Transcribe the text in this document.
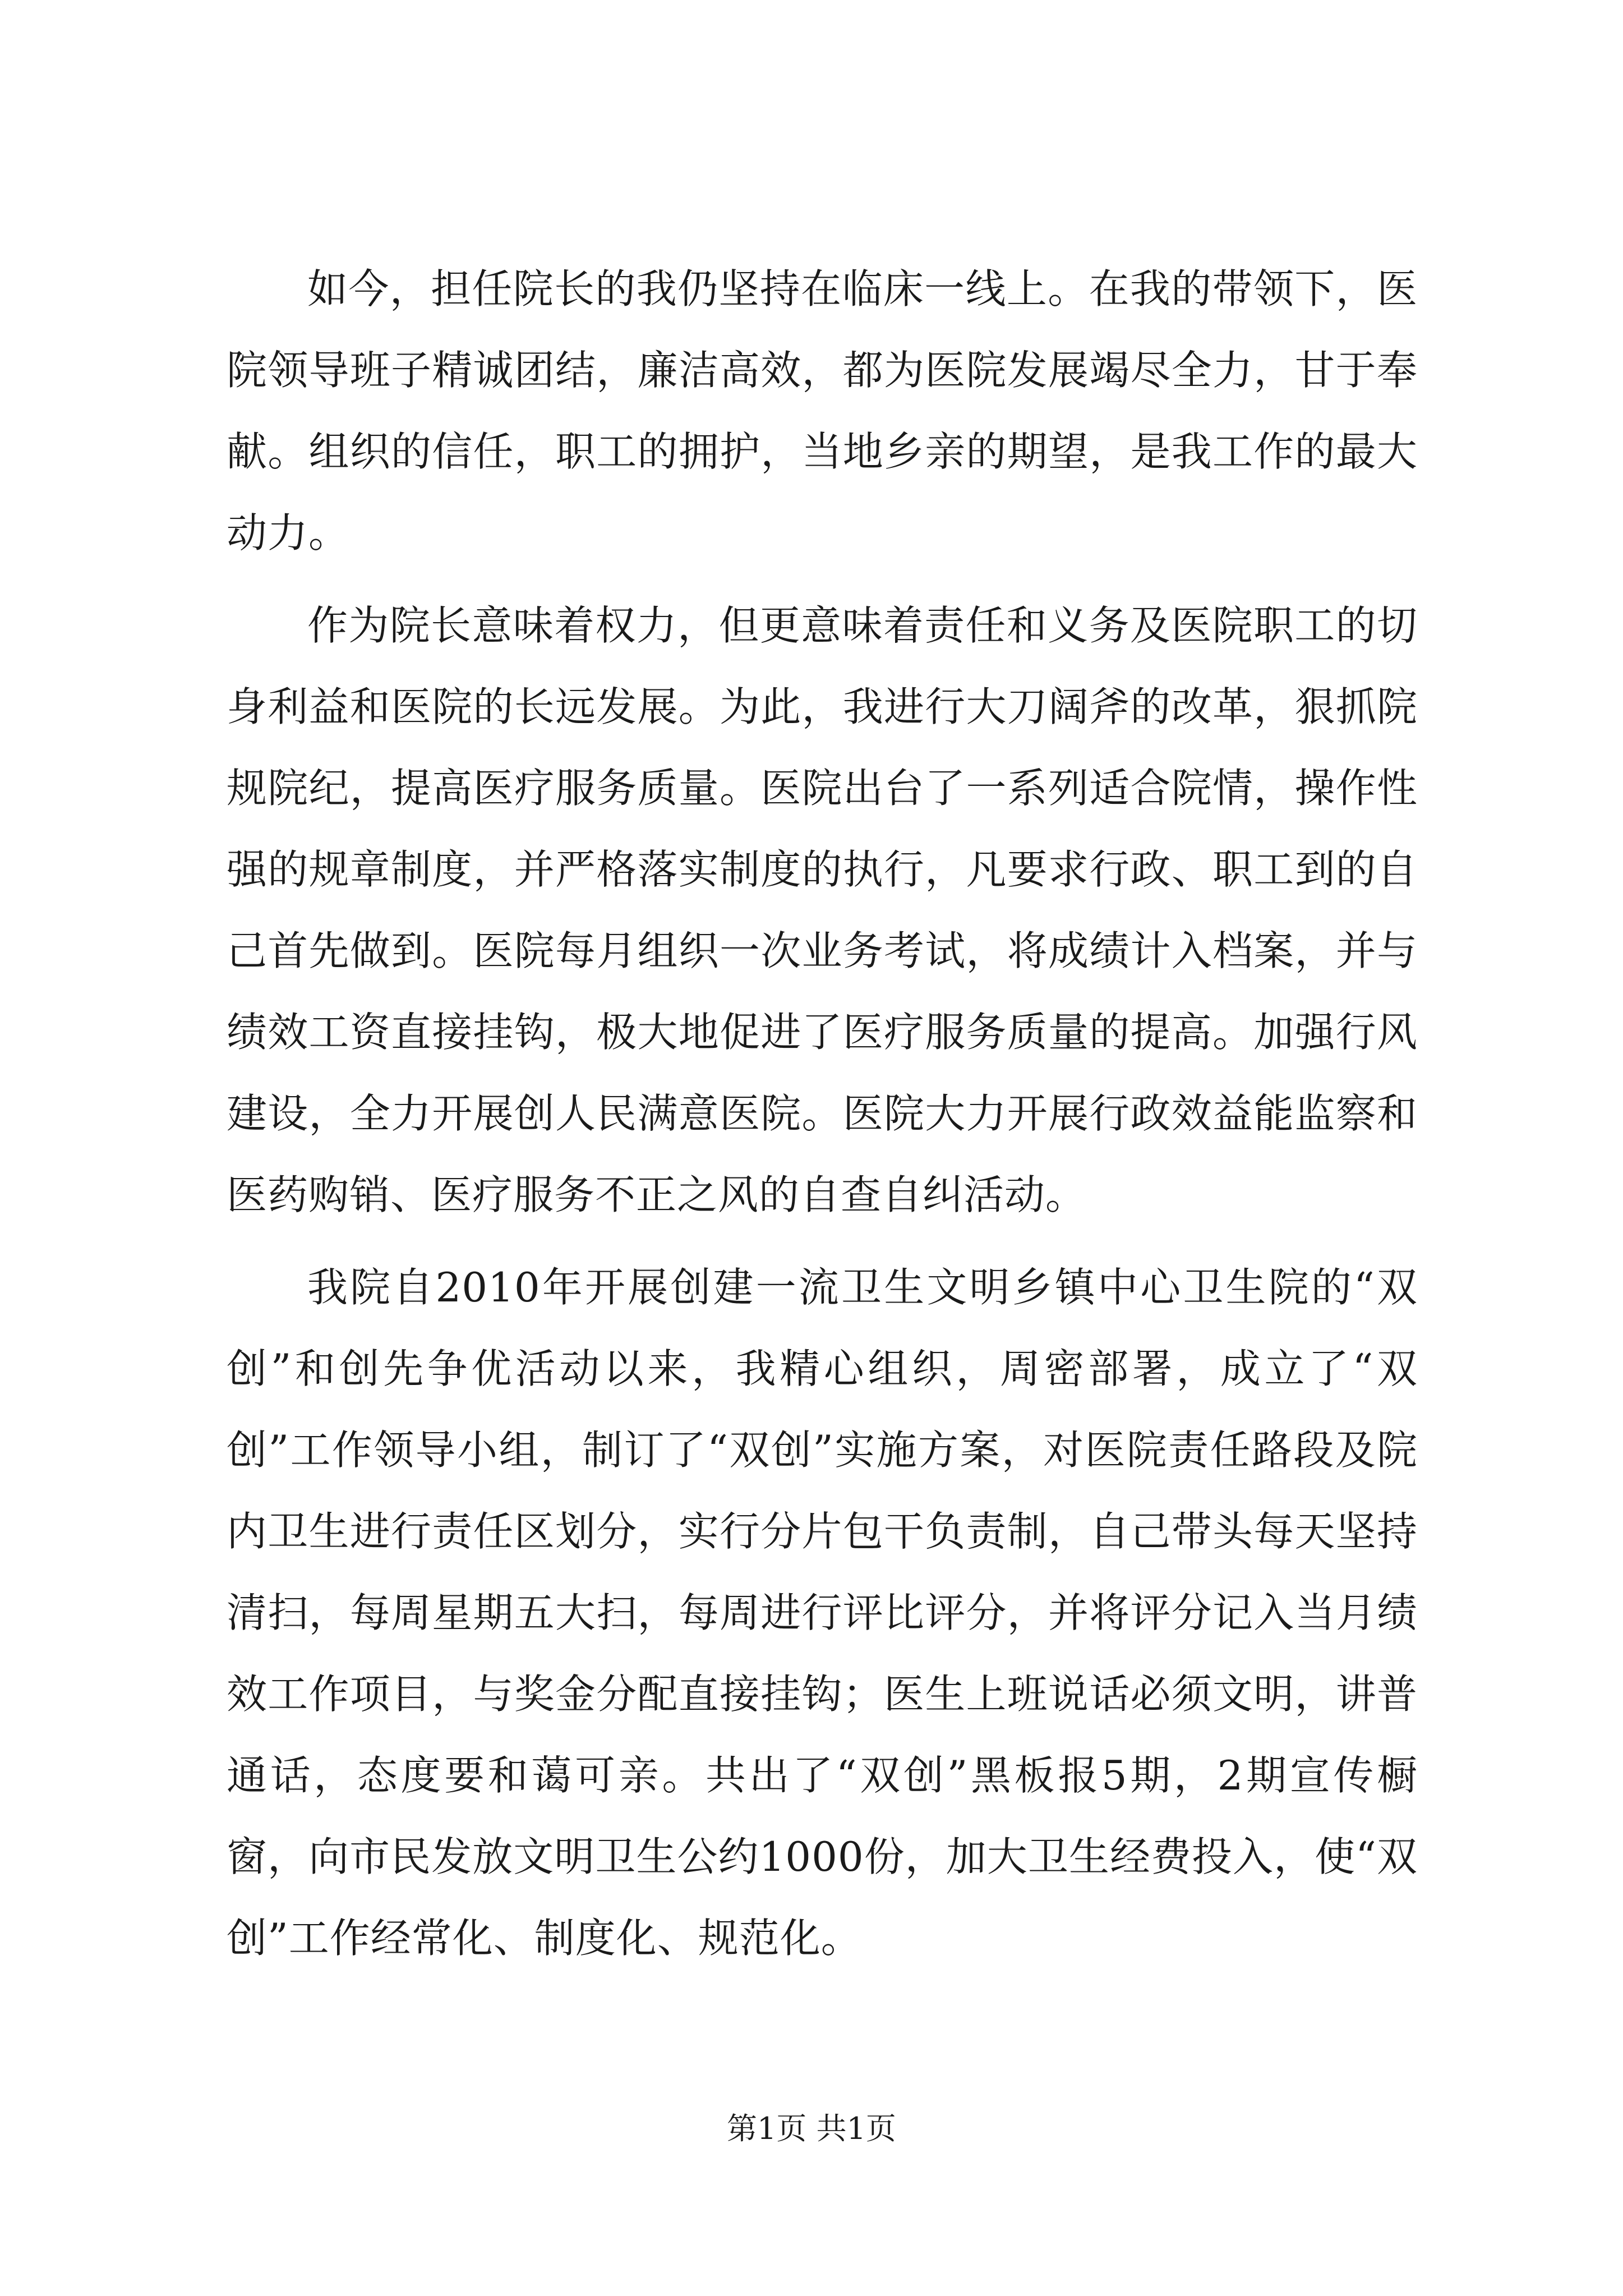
如今，担任院长的我仍坚持在临床一线上。在我的带领下，医院领导班子精诚团结，廉洁高效，都为医院发展竭尽全力，甘于奉献。组织的信任，职工的拥护，当地乡亲的期望，是我工作的最大动力。

作为院长意味着权力，但更意味着责任和义务及医院职工的切身利益和医院的长远发展。为此，我进行大刀阔斧的改革，狠抓院规院纪，提高医疗服务质量。医院出台了一系列适合院情，操作性强的规章制度，并严格落实制度的执行，凡要求行政、职工到的自己首先做到。医院每月组织一次业务考试，将成绩计入档案，并与绩效工资直接挂钩，极大地促进了医疗服务质量的提高。加强行风建设，全力开展创人民满意医院。医院大力开展行政效益能监察和医药购销、医疗服务不正之风的自查自纠活动。

我院自2010年开展创建一流卫生文明乡镇中心卫生院的“双创”和创先争优活动以来，我精心组织，周密部署，成立了“双创”工作领导小组，制订了“双创”实施方案，对医院责任路段及院内卫生进行责任区划分，实行分片包干负责制，自己带头每天坚持清扫，每周星期五大扫，每周进行评比评分，并将评分记入当月绩效工作项目，与奖金分配直接挂钩；医生上班说话必须文明，讲普通话，态度要和蔼可亲。共出了“双创”黑板报5期，2期宣传橱窗，向市民发放文明卫生公约1000份，加大卫生经费投入，使“双创”工作经常化、制度化、规范化。

第1页 共1页
